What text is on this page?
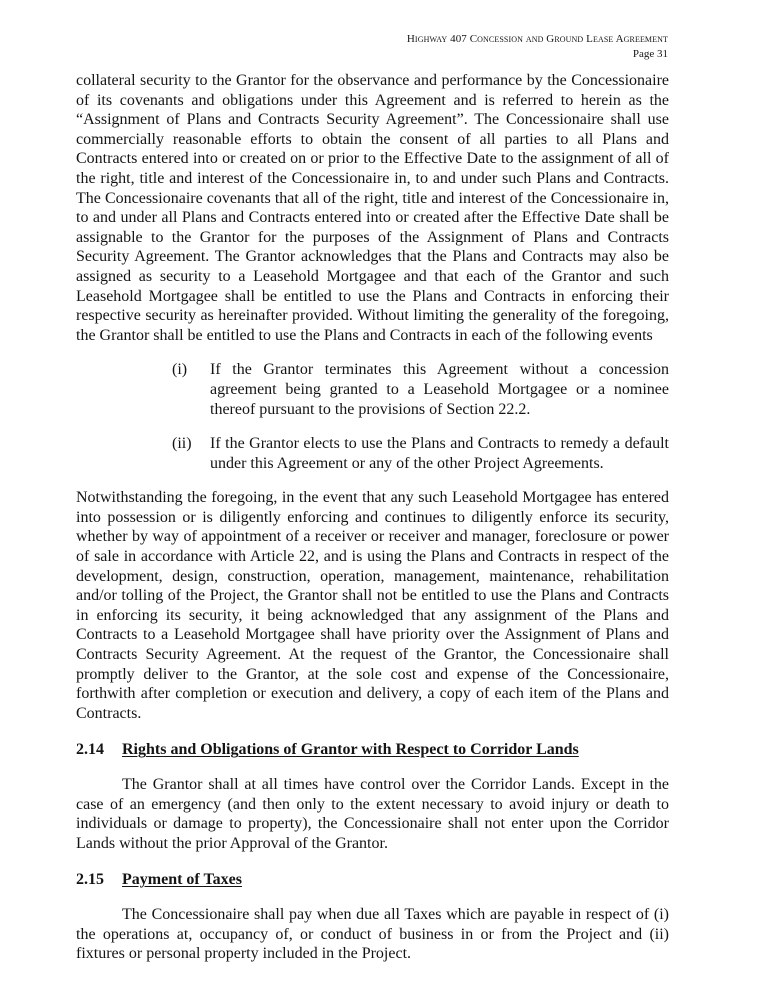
Highway 407 Concession and Ground Lease Agreement
Page 31

collateral security to the Grantor for the observance and performance by the Concessionaire of its covenants and obligations under this Agreement and is referred to herein as the “Assignment of Plans and Contracts Security Agreement”. The Concessionaire shall use commercially reasonable efforts to obtain the consent of all parties to all Plans and Contracts entered into or created on or prior to the Effective Date to the assignment of all of the right, title and interest of the Concessionaire in, to and under such Plans and Contracts. The Concessionaire covenants that all of the right, title and interest of the Concessionaire in, to and under all Plans and Contracts entered into or created after the Effective Date shall be assignable to the Grantor for the purposes of the Assignment of Plans and Contracts Security Agreement. The Grantor acknowledges that the Plans and Contracts may also be assigned as security to a Leasehold Mortgagee and that each of the Grantor and such Leasehold Mortgagee shall be entitled to use the Plans and Contracts in enforcing their respective security as hereinafter provided. Without limiting the generality of the foregoing, the Grantor shall be entitled to use the Plans and Contracts in each of the following events

(i)	If the Grantor terminates this Agreement without a concession agreement being granted to a Leasehold Mortgagee or a nominee thereof pursuant to the provisions of Section 22.2.
(ii)	If the Grantor elects to use the Plans and Contracts to remedy a default under this Agreement or any of the other Project Agreements.

Notwithstanding the foregoing, in the event that any such Leasehold Mortgagee has entered into possession or is diligently enforcing and continues to diligently enforce its security, whether by way of appointment of a receiver or receiver and manager, foreclosure or power of sale in accordance with Article 22, and is using the Plans and Contracts in respect of the development, design, construction, operation, management, maintenance, rehabilitation and/or tolling of the Project, the Grantor shall not be entitled to use the Plans and Contracts in enforcing its security, it being acknowledged that any assignment of the Plans and Contracts to a Leasehold Mortgagee shall have priority over the Assignment of Plans and Contracts Security Agreement. At the request of the Grantor, the Concessionaire shall promptly deliver to the Grantor, at the sole cost and expense of the Concessionaire, forthwith after completion or execution and delivery, a copy of each item of the Plans and Contracts.

2.14	Rights and Obligations of Grantor with Respect to Corridor Lands

The Grantor shall at all times have control over the Corridor Lands. Except in the case of an emergency (and then only to the extent necessary to avoid injury or death to individuals or damage to property), the Concessionaire shall not enter upon the Corridor Lands without the prior Approval of the Grantor.

2.15	Payment of Taxes

The Concessionaire shall pay when due all Taxes which are payable in respect of (i) the operations at, occupancy of, or conduct of business in or from the Project and (ii) fixtures or personal property included in the Project.
